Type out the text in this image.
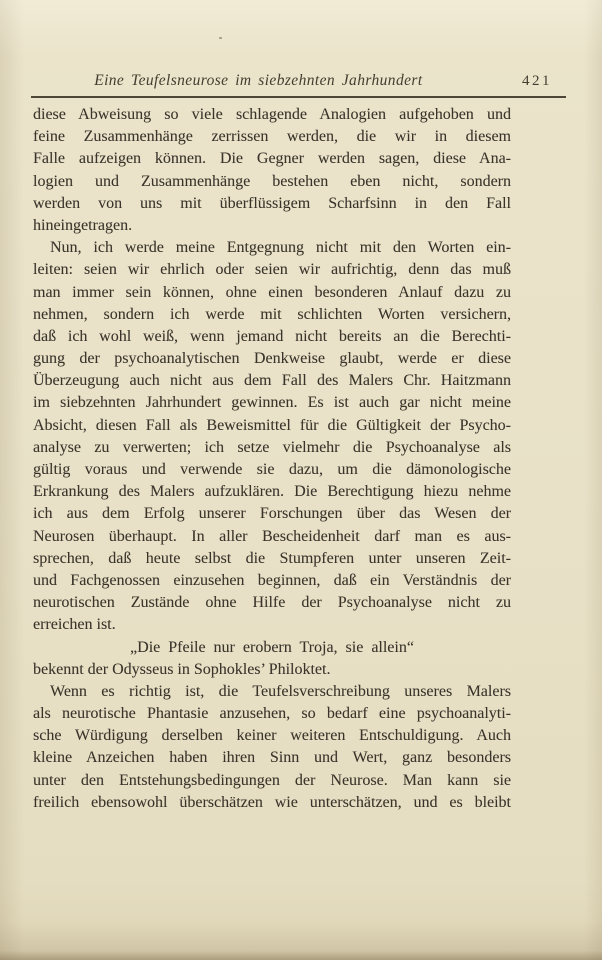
Eine Teufelsneurose im siebzehnten Jahrhundert	421
diese Abweisung so viele schlagende Analogien aufgehoben und
feine Zusammenhänge zerrissen werden, die wir in diesem
Falle aufzeigen können. Die Gegner werden sagen, diese Ana-
logien und Zusammenhänge bestehen eben nicht, sondern
werden von uns mit überflüssigem Scharfsinn in den Fall
hineingetragen.
Nun, ich werde meine Entgegnung nicht mit den Worten ein-
leiten: seien wir ehrlich oder seien wir aufrichtig, denn das muß
man immer sein können, ohne einen besonderen Anlauf dazu zu
nehmen, sondern ich werde mit schlichten Worten versichern,
daß ich wohl weiß, wenn jemand nicht bereits an die Berechti-
gung der psychoanalytischen Denkweise glaubt, werde er diese
Überzeugung auch nicht aus dem Fall des Malers Chr. Haitzmann
im siebzehnten Jahrhundert gewinnen. Es ist auch gar nicht meine
Absicht, diesen Fall als Beweismittel für die Gültigkeit der Psycho-
analyse zu verwerten; ich setze vielmehr die Psychoanalyse als
gültig voraus und verwende sie dazu, um die dämonologische
Erkrankung des Malers aufzuklären. Die Berechtigung hiezu nehme
ich aus dem Erfolg unserer Forschungen über das Wesen der
Neurosen überhaupt. In aller Bescheidenheit darf man es aus-
sprechen, daß heute selbst die Stumpferen unter unseren Zeit-
und Fachgenossen einzusehen beginnen, daß ein Verständnis der
neurotischen Zustände ohne Hilfe der Psychoanalyse nicht zu
erreichen ist.
„Die Pfeile nur erobern Troja, sie allein“
bekennt der Odysseus in Sophokles’ Philoktet.
Wenn es richtig ist, die Teufelsverschreibung unseres Malers
als neurotische Phantasie anzusehen, so bedarf eine psychoanalyti-
sche Würdigung derselben keiner weiteren Entschuldigung. Auch
kleine Anzeichen haben ihren Sinn und Wert, ganz besonders
unter den Entstehungsbedingungen der Neurose. Man kann sie
freilich ebensowohl überschätzen wie unterschätzen, und es bleibt
